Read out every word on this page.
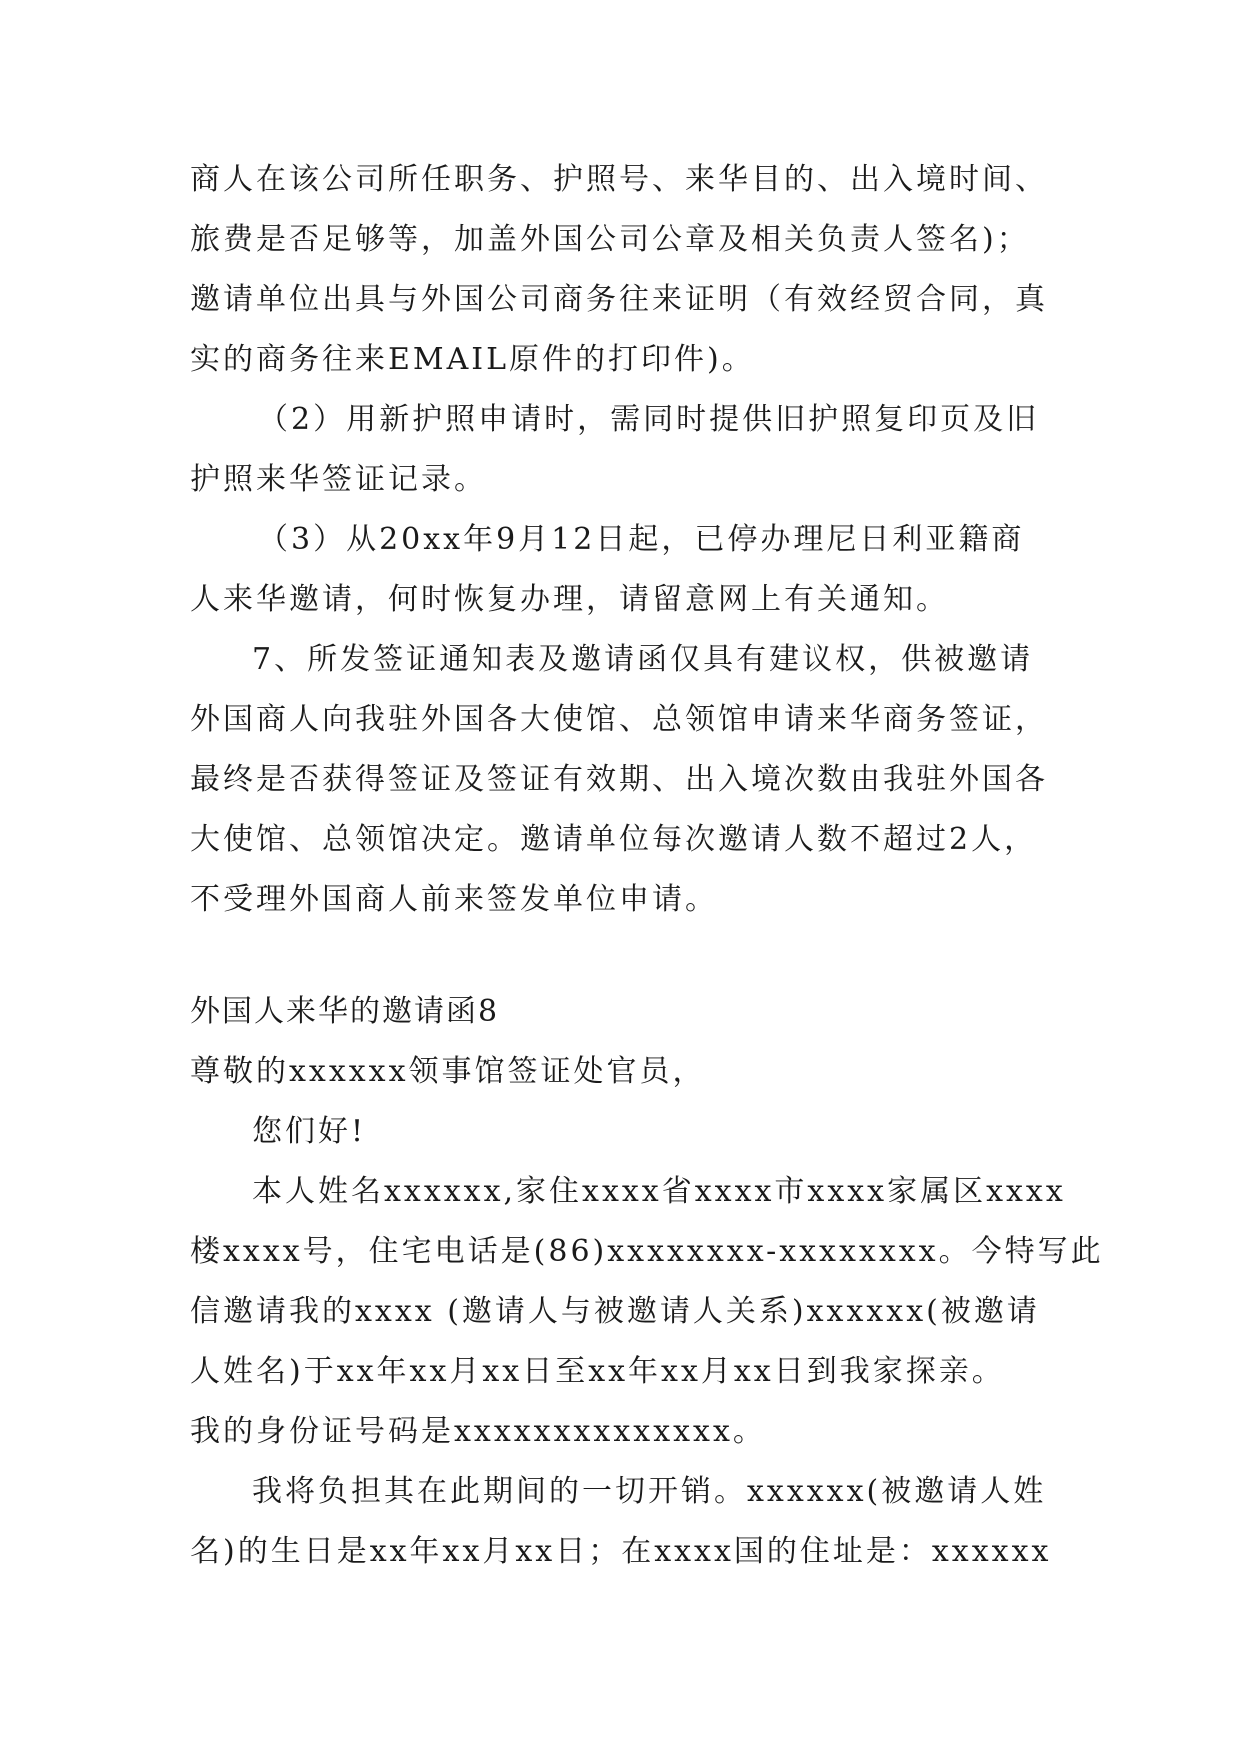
商人在该公司所任职务、护照号、来华目的、出入境时间、
旅费是否足够等，加盖外国公司公章及相关负责人签名)；
邀请单位出具与外国公司商务往来证明（有效经贸合同，真
实的商务往来EMAIL原件的打印件)。
（2）用新护照申请时，需同时提供旧护照复印页及旧
护照来华签证记录。
（3）从20xx年9月12日起，已停办理尼日利亚籍商
人来华邀请，何时恢复办理，请留意网上有关通知。
7、所发签证通知表及邀请函仅具有建议权，供被邀请
外国商人向我驻外国各大使馆、总领馆申请来华商务签证，
最终是否获得签证及签证有效期、出入境次数由我驻外国各
大使馆、总领馆决定。邀请单位每次邀请人数不超过2人，
不受理外国商人前来签发单位申请。
外国人来华的邀请函8
尊敬的xxxxxx领事馆签证处官员，
您们好!
本人姓名xxxxxx,家住xxxx省xxxx市xxxx家属区xxxx
楼xxxx号，住宅电话是(86)xxxxxxxx-xxxxxxxx。今特写此
信邀请我的xxxx (邀请人与被邀请人关系)xxxxxx(被邀请
人姓名)于xx年xx月xx日至xx年xx月xx日到我家探亲。
我的身份证号码是xxxxxxxxxxxxxx。
我将负担其在此期间的一切开销。xxxxxx(被邀请人姓
名)的生日是xx年xx月xx日；在xxxx国的住址是：xxxxxx
